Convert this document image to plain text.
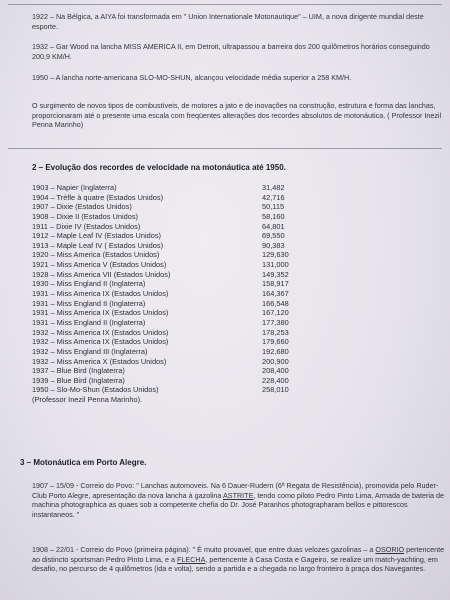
1922 – Na Bélgica, a AIYA foi transformada em " Union Internationale Motonautique" – UIM, a nova dirigente mundial deste esporte.

1932 – Gar Wood na lancha MISS AMERICA II, em Detroit, ultrapassou a barreira dos 200 quilômetros horários conseguindo 200,9 KM/H.

1950 – A lancha norte-americana SLO-MO-SHUN, alcançou velocidade média superior a 258 KM/H.

O surgimento de novos tipos de combustíveis, de motores a jato e de inovações na construção, estrutura e forma das lanchas, proporcionaram até o presente uma escala com freqüentes alterações dos recordes absolutos de motonáutica. ( Professor Inezil Penna Marinho)

2 – Evolução dos recordes de velocidade na motonáutica até 1950.
1903 – Napier (Inglaterra)	31,482
1904 – Trèfle à quatre (Estados Unidos)	42,716
1907 – Dixie (Estados Unidos)	50,115
1908 – Dixie II (Estados Unidos)	58,160
1911 – Dixie IV (Estados Unidos)	64,801
1912 – Maple Leaf IV (Estados Unidos)	69,550
1913 – Maple Leaf IV ( Estados Unidos)	90,383
1920 – Miss America (Estados Unidos)	129,630
1921 – Miss America V (Estados Unidos)	131,000
1928 – Miss America VII (Estados Unidos)	149,352
1930 – Miss England II (Inglaterra)	158,917
1931 – Miss America IX (Estados Unidos)	164,367
1931 – Miss England II (Inglaterra)	166,548
1931 – Miss America IX (Estados Unidos)	167,120
1931 – Miss England II (Inglaterra)	177,380
1932 – Miss America IX (Estados Unidos)	178,253
1932 – Miss America IX (Estados Unidos)	179,660
1932 – Miss England III (Inglaterra)	192,680
1932 – Miss America X (Estados Unidos)	200,900
1937 – Blue Bird (Inglaterra)	208,400
1939 – Blue Bird (Inglaterra)	228,400
1950 – Slo-Mo-Shun (Estados Unidos)	258,010
(Professor Inezil Penna Marinho).
3 – Motonáutica em Porto Alegre.

1907 – 15/09 - Correio do Povo: " Lanchas automoveis. Na 6 Dauer-Rudern (6ª Regata de Resistência), promovida pelo Ruder-Club Porto Alegre, apresentação da nova lancha à gazolina ASTRITE, tendo como piloto Pedro Pinto Lima, Armada de bateria de machina photographica as quaes sob a competente chefia do Dr. José Paranhos photographaram bellos e pittorescos instantaneos. "

1908 – 22/01 - Correio do Povo (primeira página): " É muito provavel, que entre duas velozes gazolinas – a OSORIO pertencente ao distincto sportsman Pedro Pinto Lima, e a FLECHA, pertencente à Casa Costa e Gageiro, se realize um match-yachting, em desafio, no percurso de 4 quilômetros (ida e volta), sendo a partida e a chegada no largo fronteiro à praça dos Navegantes.
